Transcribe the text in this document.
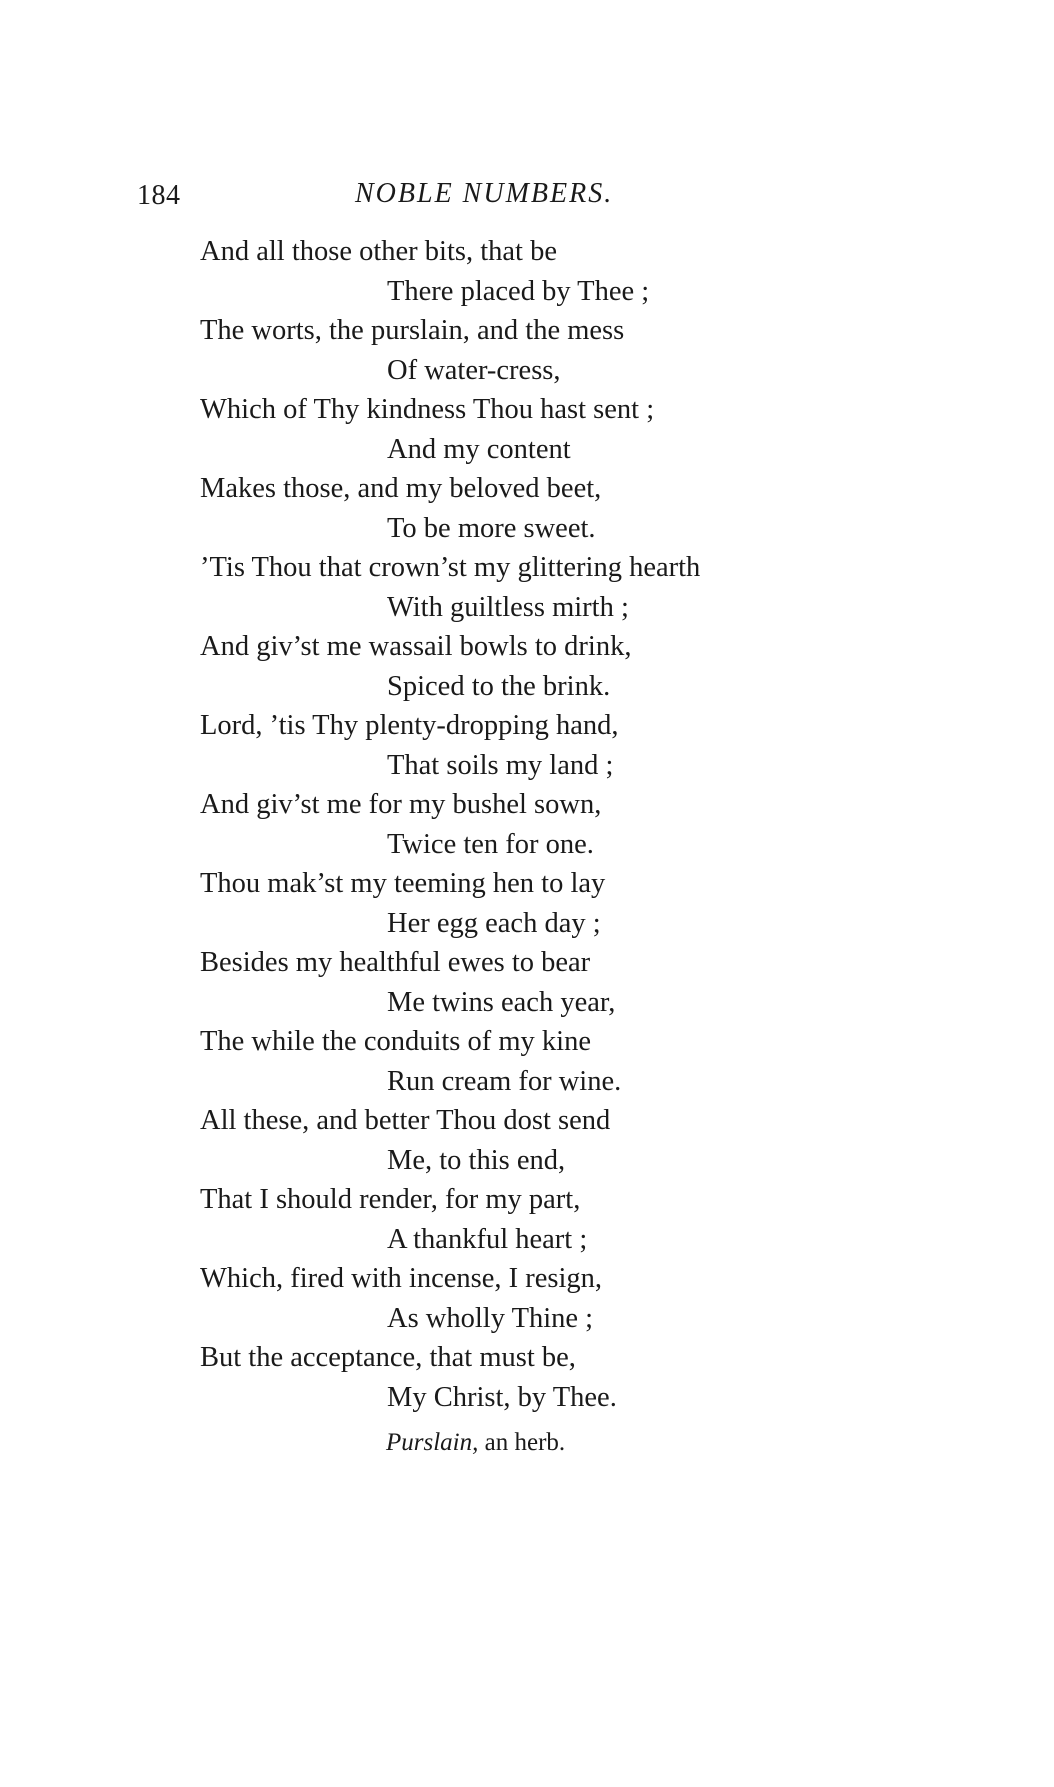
184	NOBLE NUMBERS.
And all those other bits, that be
There placed by Thee ;
The worts, the purslain, and the mess
Of water-cress,
Which of Thy kindness Thou hast sent ;
And my content
Makes those, and my beloved beet,
To be more sweet.
’Tis Thou that crown’st my glittering hearth
With guiltless mirth ;
And giv’st me wassail bowls to drink,
Spiced to the brink.
Lord, ’tis Thy plenty-dropping hand,
That soils my land ;
And giv’st me for my bushel sown,
Twice ten for one.
Thou mak’st my teeming hen to lay
Her egg each day ;
Besides my healthful ewes to bear
Me twins each year,
The while the conduits of my kine
Run cream for wine.
All these, and better Thou dost send
Me, to this end,
That I should render, for my part,
A thankful heart ;
Which, fired with incense, I resign,
As wholly Thine ;
But the acceptance, that must be,
My Christ, by Thee.
Purslain, an herb.
